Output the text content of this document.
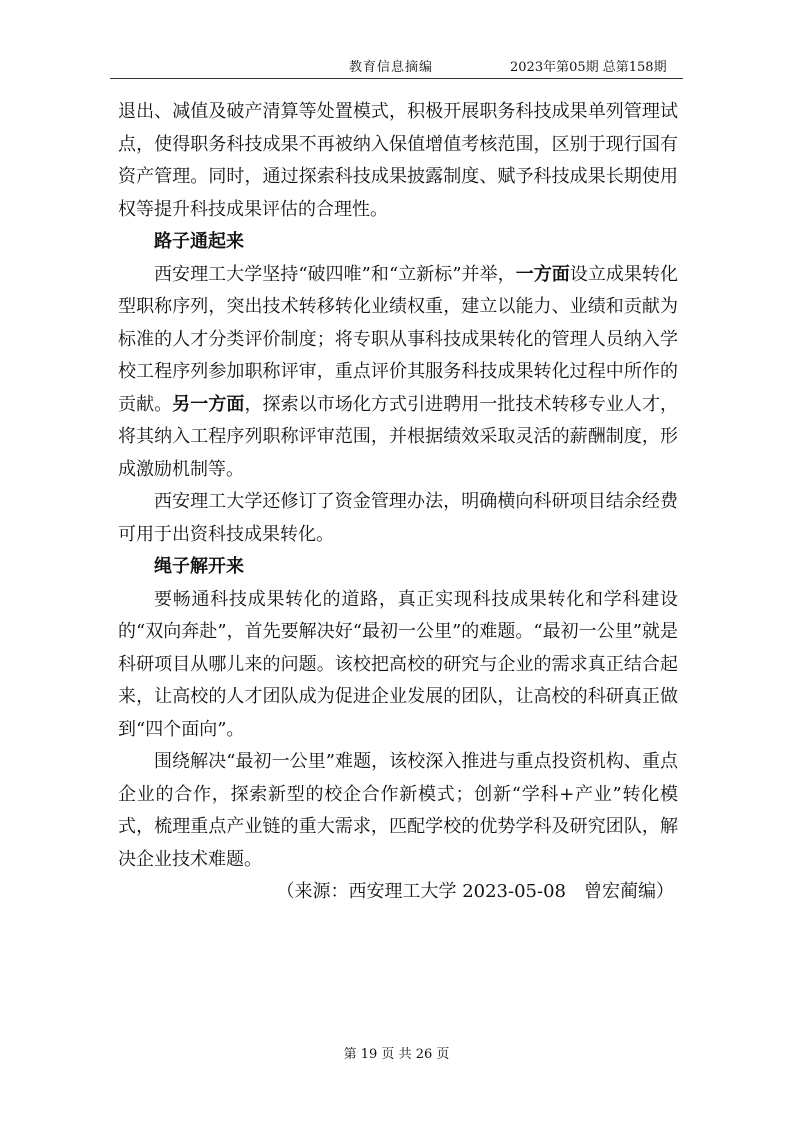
教育信息摘编	2023年第05期 总第158期

退出、减值及破产清算等处置模式，积极开展职务科技成果单列管理试点，使得职务科技成果不再被纳入保值增值考核范围，区别于现行国有资产管理。同时，通过探索科技成果披露制度、赋予科技成果长期使用权等提升科技成果评估的合理性。

路子通起来

西安理工大学坚持“破四唯”和“立新标”并举，一方面设立成果转化型职称序列，突出技术转移转化业绩权重，建立以能力、业绩和贡献为标准的人才分类评价制度；将专职从事科技成果转化的管理人员纳入学校工程序列参加职称评审，重点评价其服务科技成果转化过程中所作的贡献。另一方面，探索以市场化方式引进聘用一批技术转移专业人才，将其纳入工程序列职称评审范围，并根据绩效采取灵活的薪酬制度，形成激励机制等。

西安理工大学还修订了资金管理办法，明确横向科研项目结余经费可用于出资科技成果转化。

绳子解开来

要畅通科技成果转化的道路，真正实现科技成果转化和学科建设的“双向奔赴”，首先要解决好“最初一公里”的难题。“最初一公里”就是科研项目从哪儿来的问题。该校把高校的研究与企业的需求真正结合起来，让高校的人才团队成为促进企业发展的团队，让高校的科研真正做到“四个面向”。

围绕解决“最初一公里”难题，该校深入推进与重点投资机构、重点企业的合作，探索新型的校企合作新模式；创新“学科+产业”转化模式，梳理重点产业链的重大需求，匹配学校的优势学科及研究团队，解决企业技术难题。

（来源：西安理工大学 2023-05-08　曾宏蔺编）

第 19 页 共 26 页
